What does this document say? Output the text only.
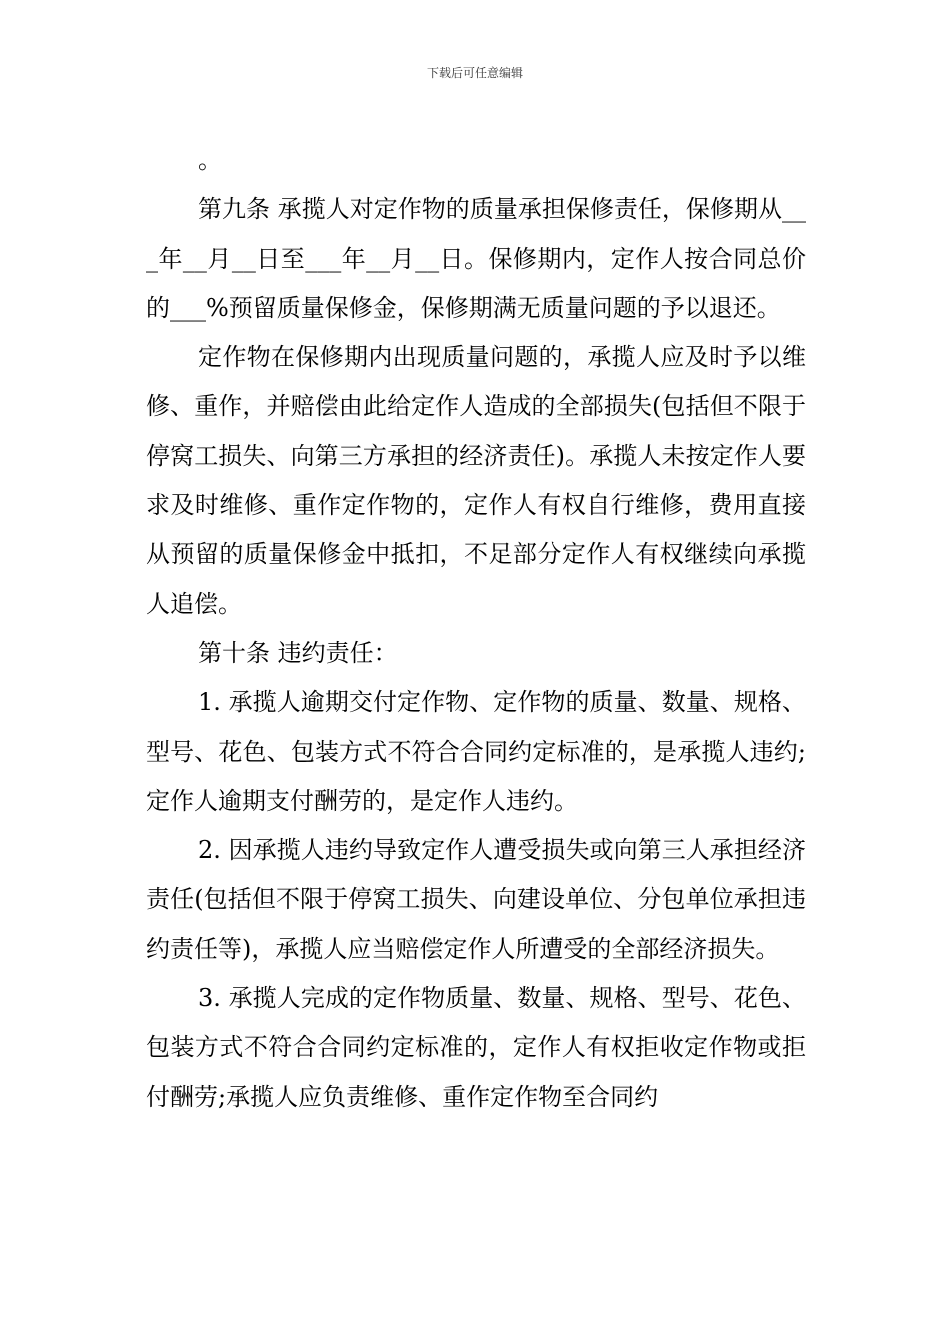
下载后可任意编辑

。

第九条 承揽人对定作物的质量承担保修责任，保修期从___年__月__日至___年__月__日。保修期内，定作人按合同总价的___%预留质量保修金，保修期满无质量问题的予以退还。

定作物在保修期内出现质量问题的，承揽人应及时予以维修、重作，并赔偿由此给定作人造成的全部损失(包括但不限于停窝工损失、向第三方承担的经济责任)。承揽人未按定作人要求及时维修、重作定作物的，定作人有权自行维修，费用直接从预留的质量保修金中抵扣，不足部分定作人有权继续向承揽人追偿。

第十条 违约责任：

1. 承揽人逾期交付定作物、定作物的质量、数量、规格、型号、花色、包装方式不符合合同约定标准的，是承揽人违约;定作人逾期支付酬劳的，是定作人违约。

2. 因承揽人违约导致定作人遭受损失或向第三人承担经济责任(包括但不限于停窝工损失、向建设单位、分包单位承担违约责任等)，承揽人应当赔偿定作人所遭受的全部经济损失。

3. 承揽人完成的定作物质量、数量、规格、型号、花色、包装方式不符合合同约定标准的，定作人有权拒收定作物或拒付酬劳;承揽人应负责维修、重作定作物至合同约
